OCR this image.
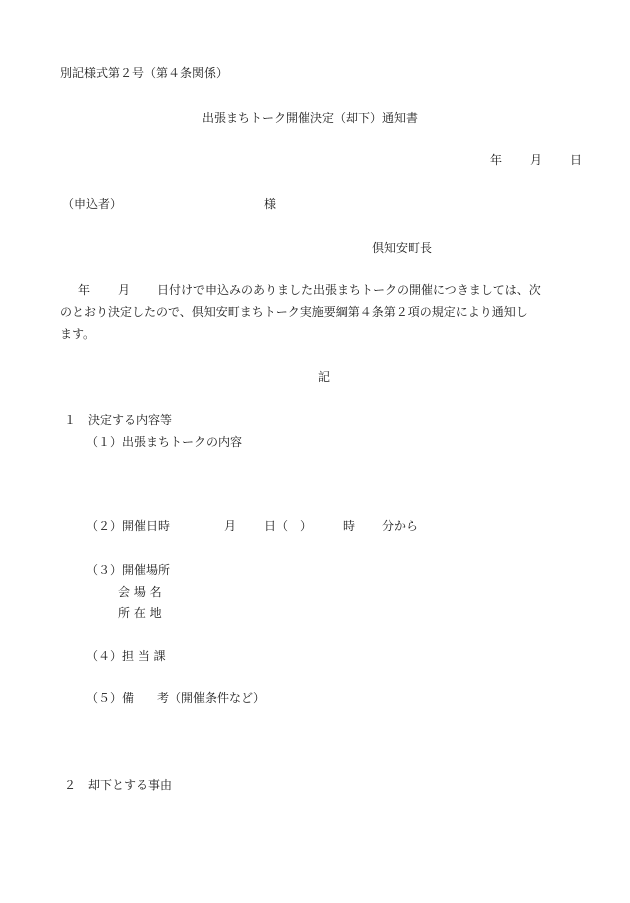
別記様式第２号（第４条関係）
出張まちトーク開催決定（却下）通知書
年 月 日
（申込者）	様
倶知安町長
年 月 日付けで申込みのありました出張まちトークの開催につきましては、次
のとおり決定したので、倶知安町まちトーク実施要綱第４条第２項の規定により通知し
ます。
記
１　決定する内容等
（１）出張まちトークの内容
（２）開催日時	月 日（　）	時 分から
（３）開催場所
会 場 名
所 在 地
（４）担 当 課
（５）備 考（開催条件など）
２　却下とする事由
